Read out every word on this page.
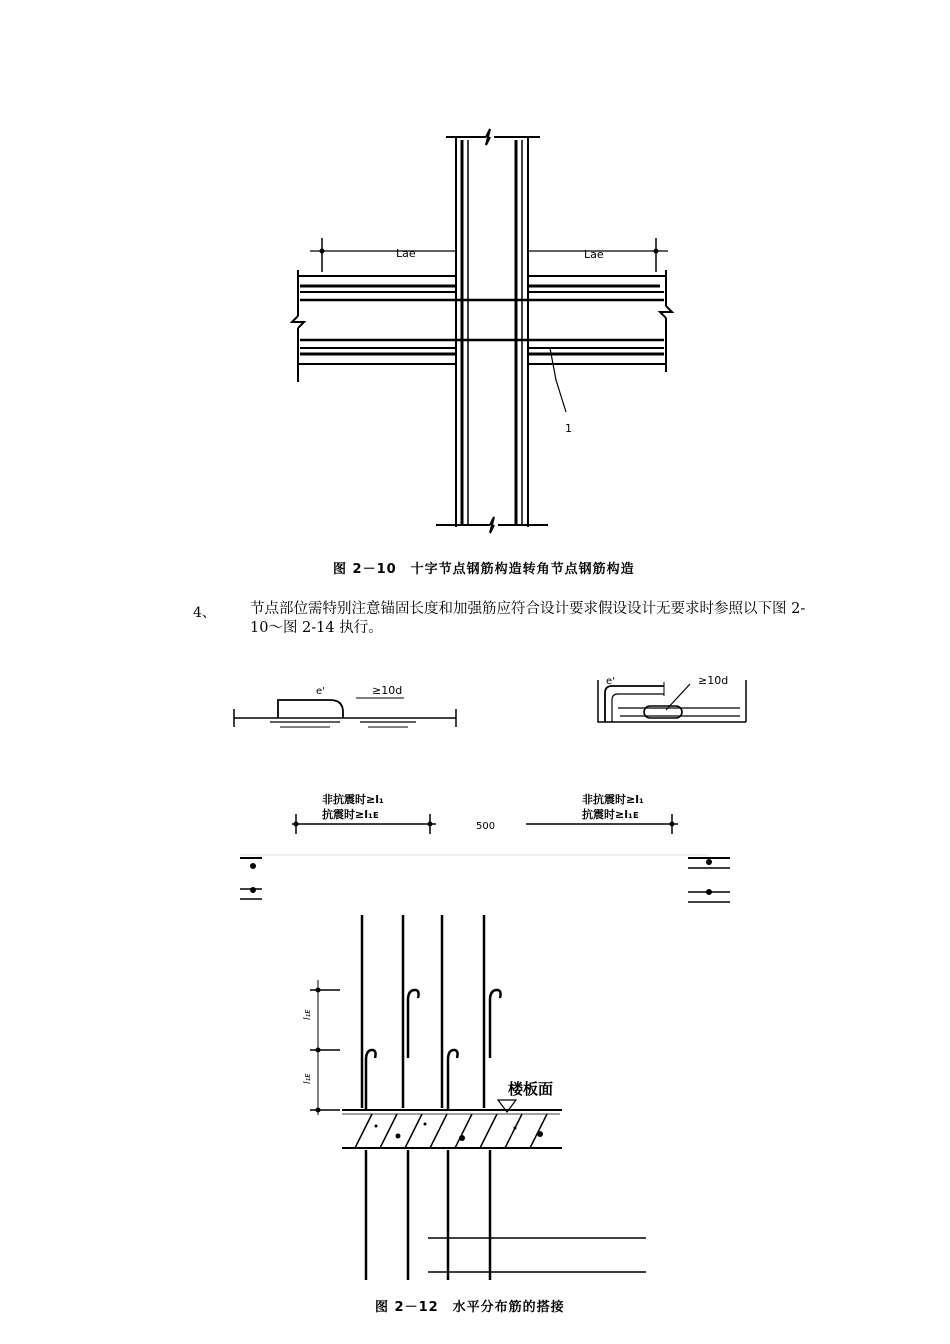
Lae	Lae
1
图 2－10　十字节点钢筋构造转角节点钢筋构造
4、 节点部位需特别注意锚固长度和加强筋应符合设计要求假设设计无要求时参照以下图 2-10～图 2-14 执行。
e'	≥10d
e'	≥10d
非抗震时≥l₁
抗震时≥l₁ᴇ
500
非抗震时≥l₁
抗震时≥l₁ᴇ
l₁ᴇ
l₁ᴇ
楼板面
图 2－12　水平分布筋的搭接
